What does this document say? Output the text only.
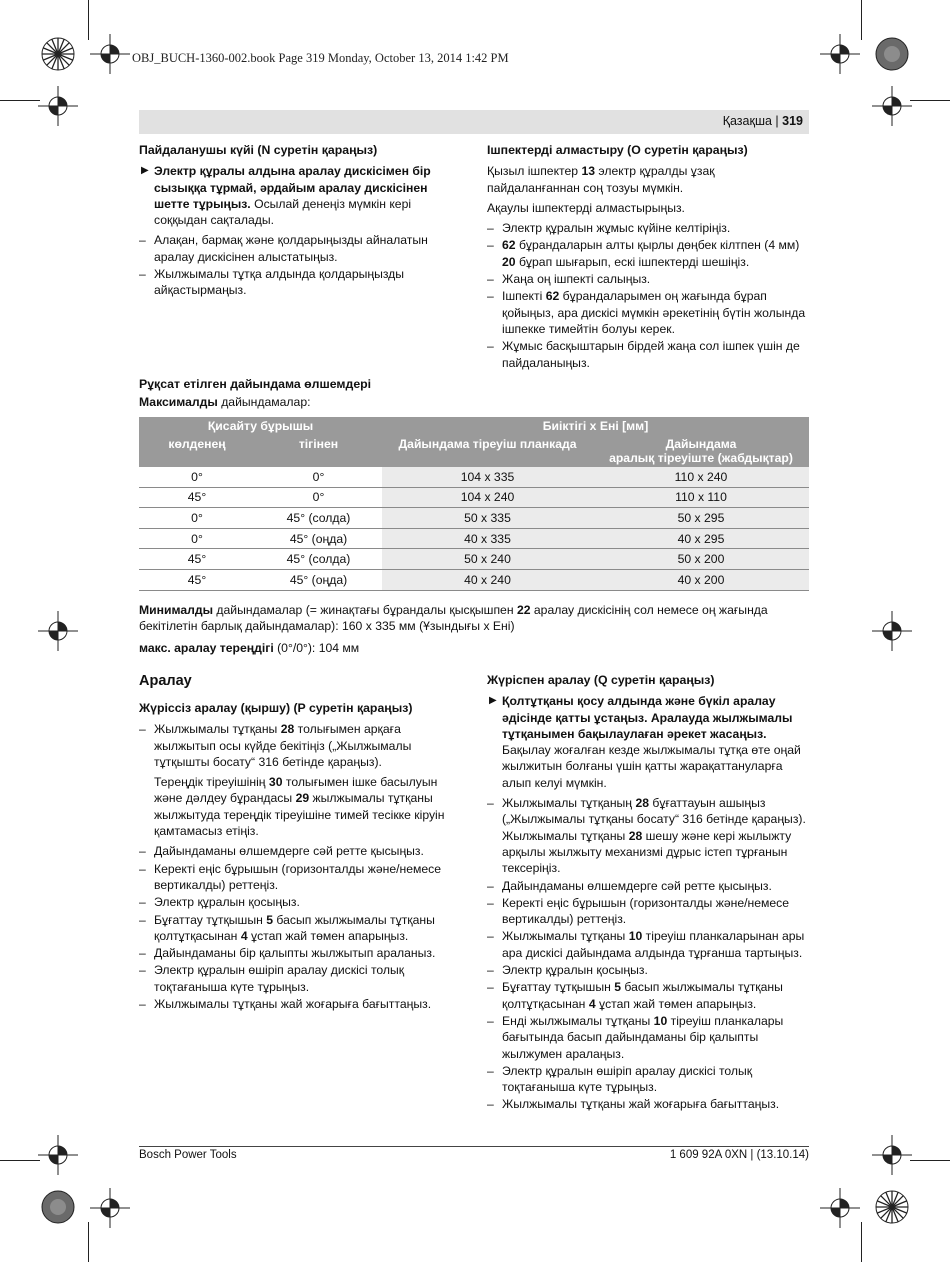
OBJ_BUCH-1360-002.book Page 319 Monday, October 13, 2014 1:42 PM
Қазақша | 319
Пайдаланушы күйі (N суретін қараңыз)
▶ Электр құралы алдына аралау дискісімен бір сызыққа тұрмай, әрдайым аралау дискісінен шетте тұрыңыз. Осылай денеңіз мүмкін кері соққыдан сақталады.
– Алақан, бармақ және қолдарыңызды айналатын аралау дискісінен алыстатыңыз.
– Жылжымалы тұтқа алдында қолдарыңызды айқастырмаңыз.
Ішпектерді алмастыру (O суретін қараңыз)

Қызыл ішпектер 13 электр құралды ұзақ пайдаланғаннан соң тозуы мүмкін.

Ақаулы ішпектерді алмастырыңыз.

– Электр құралын жұмыс күйіне келтіріңіз.
– 62 бұрандаларын алты қырлы дөңбек кілтпен (4 мм) 20 бұрап шығарып, ескі ішпектерді шешіңіз.
– Жаңа оң ішпекті салыңыз.
– Ішпекті 62 бұрандаларымен оң жағында бұрап қойыңыз, ара дискісі мүмкін әрекетінің бүтін жолында ішпекке тимейтін болуы керек.
– Жұмыс басқыштарын бірдей жаңа сол ішпек үшін де пайдаланыңыз.
Рұқсат етілген дайындама өлшемдері

Максималды дайындамалар:

Қисайту бұрышы		Биіктігі x Ені [мм]	
көлденең	тігінен	Дайындама тіреуіш планкада	Дайындама
аралық тіреуіште (жабдықтар)

0°	0°	104 x 335	110 x 240
45°	0°	104 x 240	110 x 110
0°	45° (солда)	50 x 335	50 x 295
0°	45° (оңда)	40 x 335	40 x 295
45°	45° (солда)	50 x 240	50 x 200
45°	45° (оңда)	40 x 240	40 x 200

Минималды дайындамалар (= жинақтағы бұрандалы қысқышпен 22 аралау дискісінің сол немесе оң жағында бекітілетін барлық дайындамалар): 160 x 335 мм (Ұзындығы x Ені)

макс. аралау тереңдігі (0°/0°): 104 мм

Аралау
Жүріссіз аралау (қыршу) (P суретін қараңыз)
– Жылжымалы тұтқаны 28 толығымен арқаға жылжытып осы күйде бекітіңіз („Жылжымалы тұтқышты босату“ 316 бетінде қараңыз).

Тереңдік тіреуішінің 30 толығымен ішке басылуын және дәлдеу бұрандасы 29 жылжымалы тұтқаны жылжытуда тереңдік тіреуішіне тимей тесікке кіруін қамтамасыз етіңіз.

– Дайындаманы өлшемдерге сәй ретте қысыңыз.
– Керекті еңіс бұрышын (горизонталды және/немесе вертикалды) реттеңіз.
– Электр құралын қосыңыз.
– Бұғаттау тұтқышын 5 басып жылжымалы тұтқаны қолтұтқасынан 4 ұстап жай төмен апарыңыз.
– Дайындаманы бір қалыпты жылжытып араланыз.
– Электр құралын өшіріп аралау дискісі толық тоқтағаныша күте тұрыңыз.
– Жылжымалы тұтқаны жай жоғарыға бағыттаңыз.
Жүріспен аралау (Q суретін қараңыз)
▶ Қолтұтқаны қосу алдында және бүкіл аралау әдісінде қатты ұстаңыз. Аралауда жылжымалы тұтқанымен бақылаулаған әрекет жасаңыз.
Бақылау жоғалған кезде жылжымалы тұтқа өте оңай жылжитын болғаны үшін қатты жарақаттануларға алып келуі мүмкін.
– Жылжымалы тұтқаның 28 бұғаттауын ашыңыз („Жылжымалы тұтқаны босату“ 316 бетінде қараңыз).
Жылжымалы тұтқаны 28 шешу және кері жылыжту арқылы жылжыту механизмі дұрыс істеп тұрғанын тексеріңіз.
– Дайындаманы өлшемдерге сәй ретте қысыңыз.
– Керекті еңіс бұрышын (горизонталды және/немесе вертикалды) реттеңіз.
– Жылжымалы тұтқаны 10 тіреуіш планкаларынан ары ара дискісі дайындама алдында тұрғанша тартыңыз.
– Электр құралын қосыңыз.
– Бұғаттау тұтқышын 5 басып жылжымалы тұтқаны қолтұтқасынан 4 ұстап жай төмен апарыңыз.
– Енді жылжымалы тұтқаны 10 тіреуіш планкалары бағытында басып дайындаманы бір қалыпты жылжумен аралаңыз.
– Электр құралын өшіріп аралау дискісі толық тоқтағаныша күте тұрыңыз.
– Жылжымалы тұтқаны жай жоғарыға бағыттаңыз.
Bosch Power Tools	1 609 92A 0XN | (13.10.14)
